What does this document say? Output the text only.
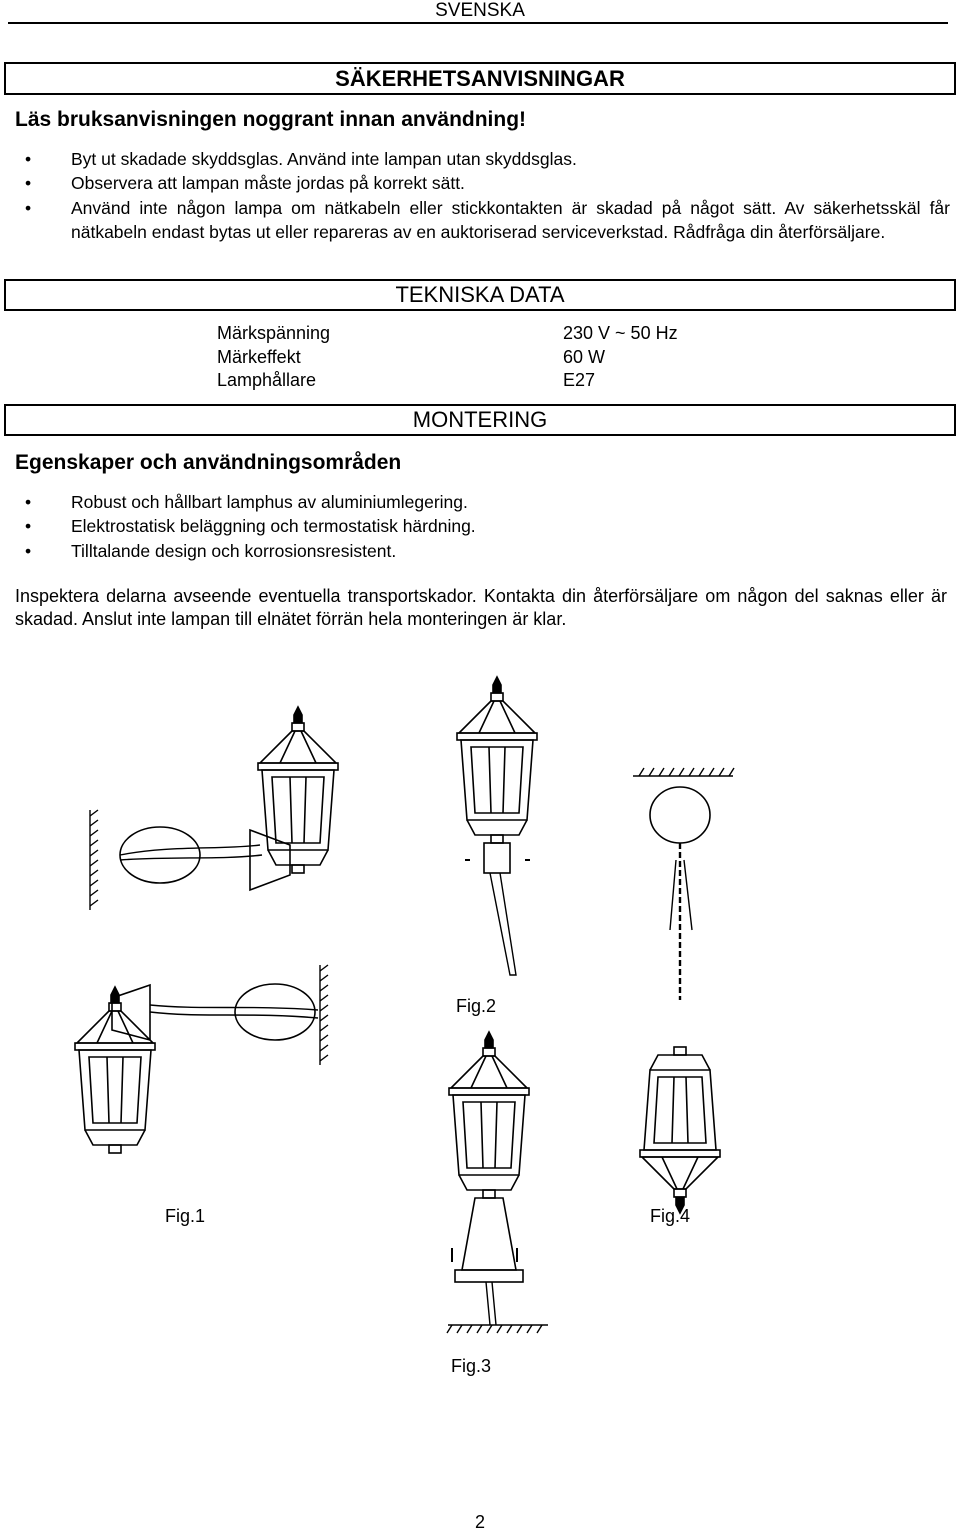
SVENSKA
SÄKERHETSANVISNINGAR
Läs bruksanvisningen noggrant innan användning!
• Byt ut skadade skyddsglas. Använd inte lampan utan skyddsglas.
• Observera att lampan måste jordas på korrekt sätt.
• Använd inte någon lampa om nätkabeln eller stickkontakten är skadad på något sätt. Av säkerhetsskäl får nätkabeln endast bytas ut eller repareras av en auktoriserad serviceverkstad. Rådfråga din återförsäljare.
TEKNISKA DATA
Märkspänning
Märkeffekt
Lamphållare
230 V ~ 50 Hz
60 W
E27
MONTERING
Egenskaper och användningsområden
• Robust och hållbart lamphus av aluminiumlegering.
• Elektrostatisk beläggning och termostatisk härdning.
• Tilltalande design och korrosionsresistent.
Inspektera delarna avseende eventuella transportskador. Kontakta din återförsäljare om någon del saknas eller är skadad. Anslut inte lampan till elnätet förrän hela monteringen är klar.
Fig.2
Fig.1	Fig.4
Fig.3
2
